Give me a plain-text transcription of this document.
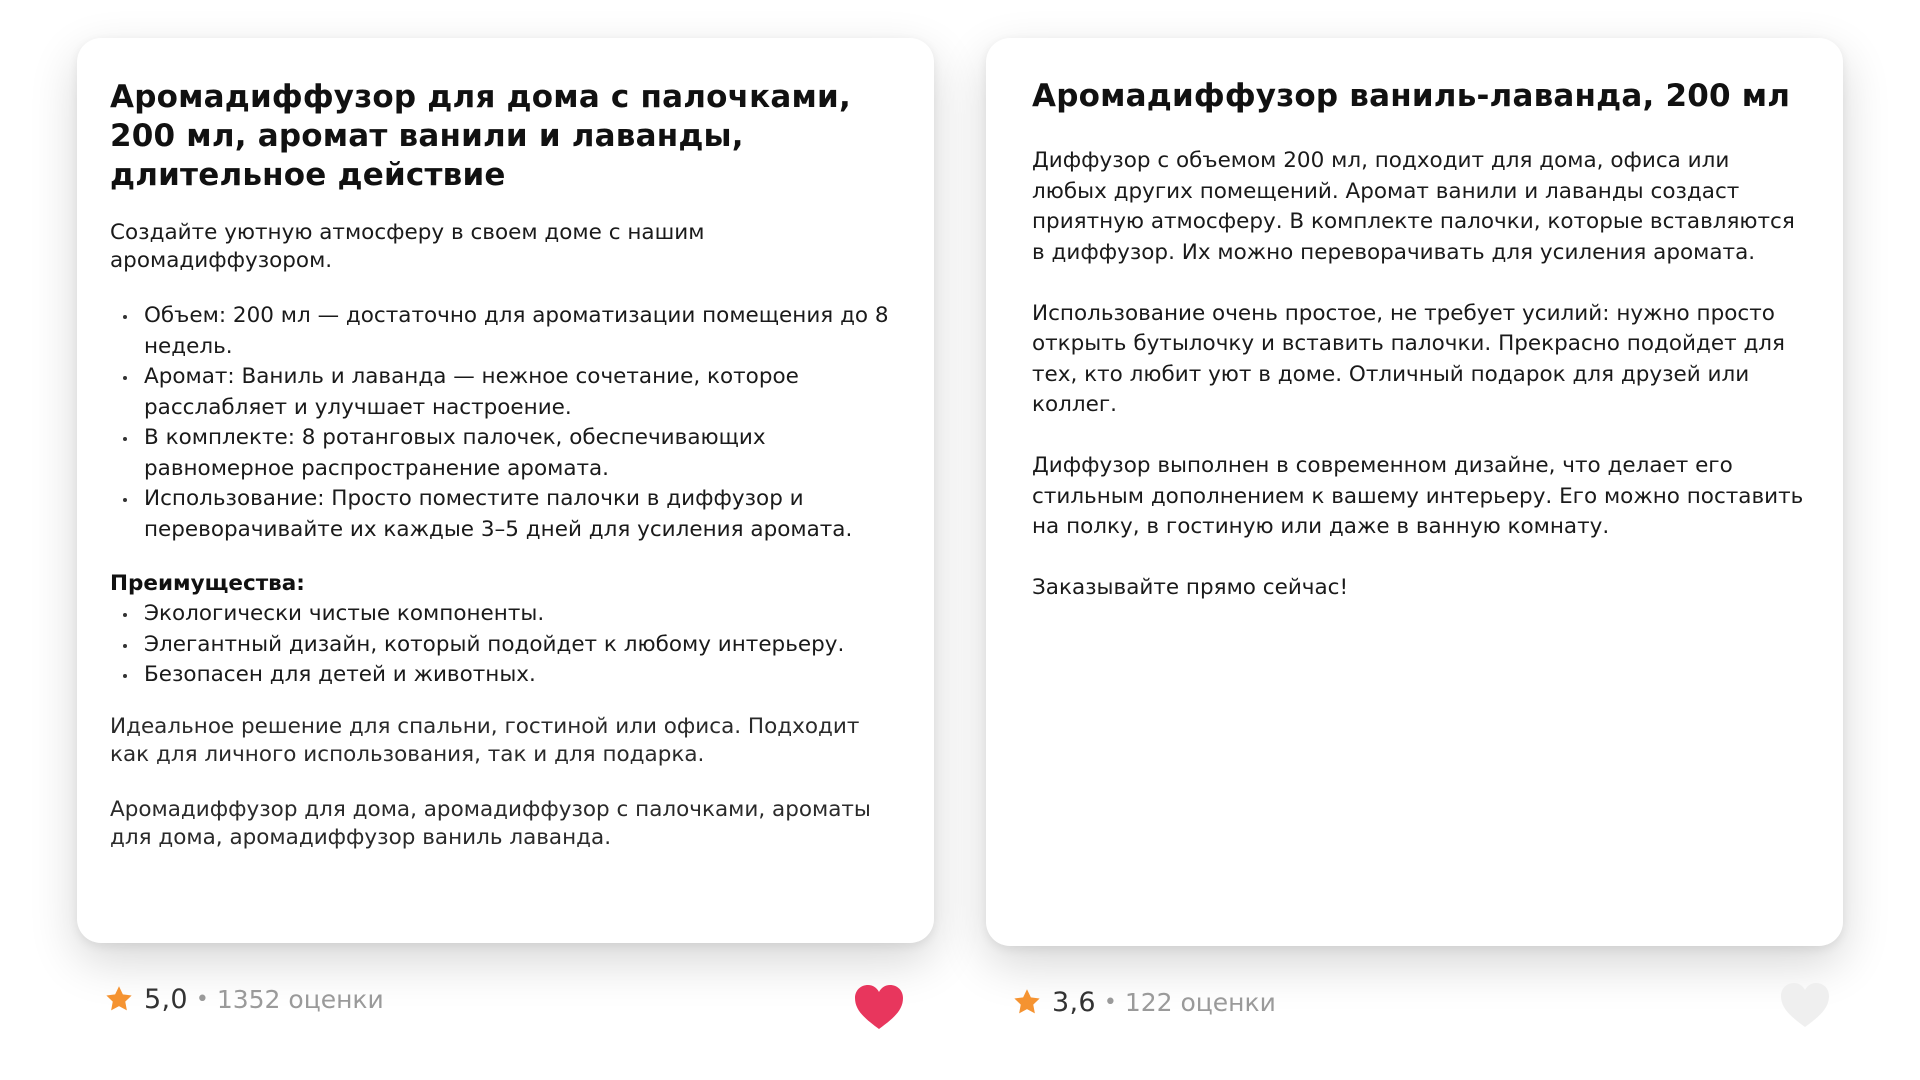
Аромадиффузор для дома с палочками, 200 мл, аромат ванили и лаванды, длительное действие

Создайте уютную атмосферу в своем доме с нашим аромадиффузором.

Объем: 200 мл — достаточно для ароматизации помещения до 8 недель.
Аромат: Ваниль и лаванда — нежное сочетание, которое расслабляет и улучшает настроение.
В комплекте: 8 ротанговых палочек, обеспечивающих равномерное распространение аромата.
Использование: Просто поместите палочки в диффузор и переворачивайте их каждые 3–5 дней для усиления аромата.
Преимущества:
Экологически чистые компоненты.
Элегантный дизайн, который подойдет к любому интерьеру.
Безопасен для детей и животных.

Идеальное решение для спальни, гостиной или офиса. Подходит как для личного использования, так и для подарка.

Аромадиффузор для дома, аромадиффузор с палочками, ароматы для дома, аромадиффузор ваниль лаванда.

Аромадиффузор ваниль-лаванда, 200 мл

Диффузор с объемом 200 мл, подходит для дома, офиса или любых других помещений. Аромат ванили и лаванды создаст приятную атмосферу. В комплекте палочки, которые вставляются в диффузор. Их можно переворачивать для усиления аромата.

Использование очень простое, не требует усилий: нужно просто открыть бутылочку и вставить палочки. Прекрасно подойдет для тех, кто любит уют в доме. Отличный подарок для друзей или коллег.

Диффузор выполнен в современном дизайне, что делает его стильным дополнением к вашему интерьеру. Его можно поставить на полку, в гостиную или даже в ванную комнату.

Заказывайте прямо сейчас!

5,0 • 1352 оценки	3,6 • 122 оценки
